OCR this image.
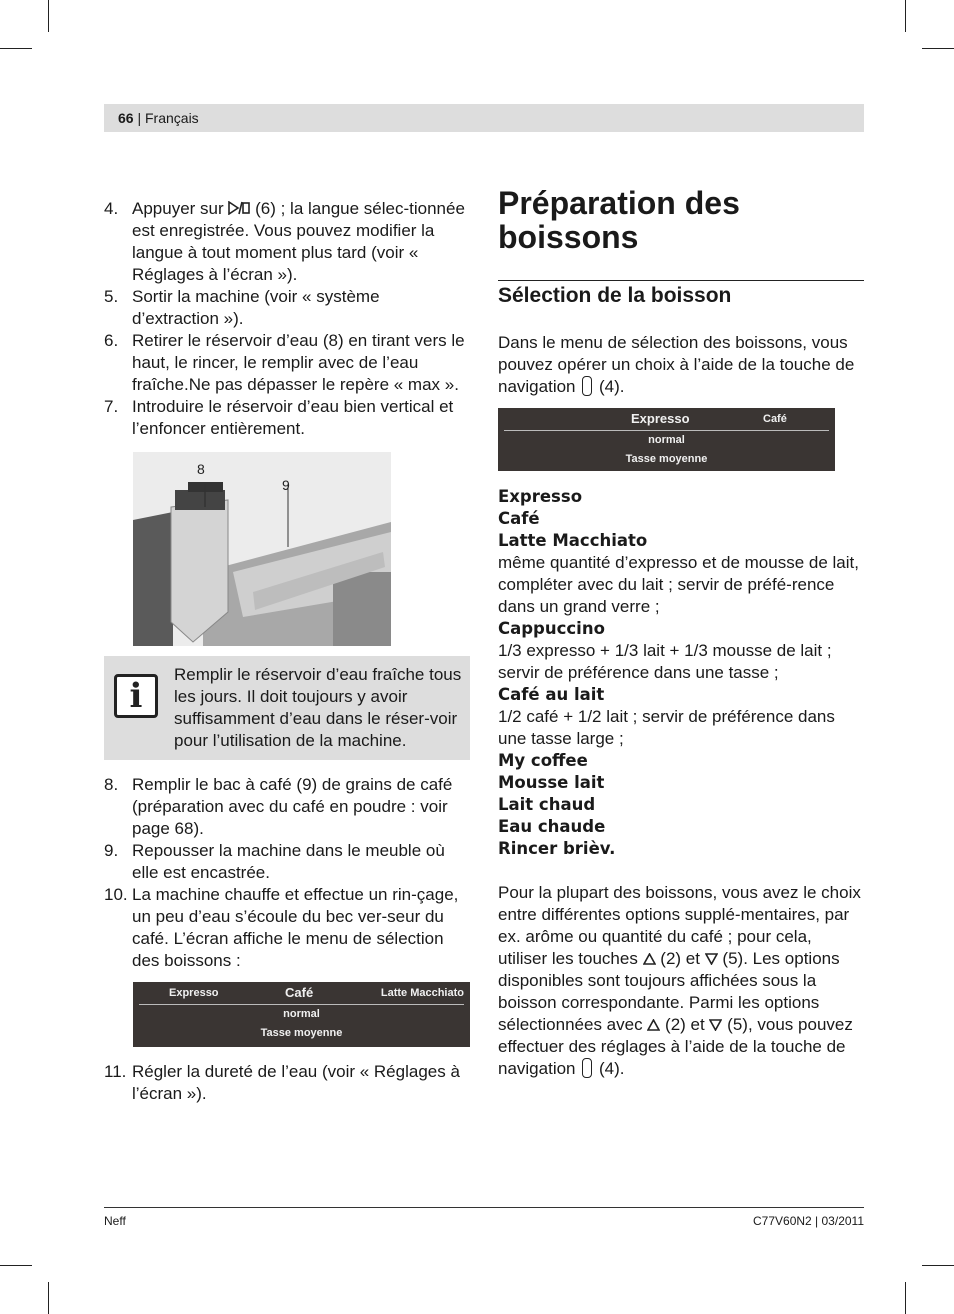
66 | Français
4. Appuyer sur  (6) ; la langue sélec-tionnée est enregistrée. Vous pouvez modifier la langue à tout moment plus tard (voir « Réglages à l’écran »).
5. Sortir la machine (voir « système d’extraction »).
6. Retirer le réservoir d’eau (8) en tirant vers le haut, le rincer, le remplir avec de l’eau fraîche.Ne pas dépasser le repère « max ».
7. Introduire le réservoir d’eau bien vertical et l’enfoncer entièrement.
8
9
i
Remplir le réservoir d’eau fraîche tous les jours. Il doit toujours y avoir suffisamment d’eau dans le réser-voir pour l’utilisation de la machine.
8. Remplir le bac à café (9) de grains de café (préparation avec du café en poudre : voir page 68).
9. Repousser la machine dans le meuble où elle est encastrée.
10. La machine chauffe et effectue un rin-çage, un peu d’eau s’écoule du bec ver-seur du café. L’écran affiche le menu de sélection des boissons :
Expresso	Café	Latte Macchiato
normal
Tasse moyenne
11. Régler la dureté de l’eau (voir « Réglages à l’écran »).
Préparation des boissons
Sélection de la boisson

Dans le menu de sélection des boissons, vous pouvez opérer un choix à l’aide de la touche de navigation  (4).

Expresso	Café
normal
Tasse moyenne
Expresso
Café
Latte Macchiato
même quantité d’expresso et de mousse de lait, compléter avec du lait ; servir de préfé-rence dans un grand verre ;
Cappuccino
1/3 expresso + 1/3 lait + 1/3 mousse de lait ; servir de préférence dans une tasse ;
Café au lait
1/2 café + 1/2 lait ; servir de préférence dans une tasse large ;
My coffee
Mousse lait
Lait chaud
Eau chaude
Rincer brièv.

Pour la plupart des boissons, vous avez le choix entre différentes options supplé-mentaires, par ex. arôme ou quantité du café ; pour cela, utiliser les touches  (2) et  (5). Les options disponibles sont toujours affichées sous la boisson correspondante. Parmi les options sélectionnées avec  (2) et  (5), vous pouvez effectuer des réglages à l’aide de la touche de navigation  (4).

Neff	C77V60N2 | 03/2011
